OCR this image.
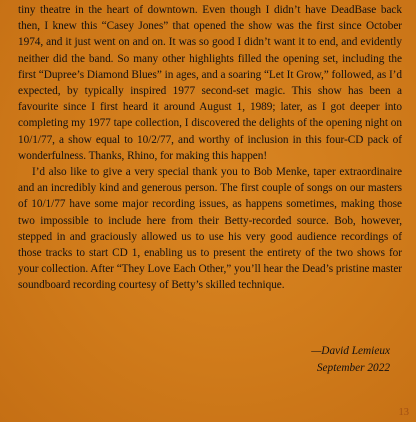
tiny theatre in the heart of downtown. Even though I didn’t have DeadBase back then, I knew this “Casey Jones” that opened the show was the first since October 1974, and it just went on and on. It was so good I didn’t want it to end, and evidently neither did the band. So many other highlights filled the opening set, including the first “Dupree’s Diamond Blues” in ages, and a soaring “Let It Grow,” followed, as I’d expected, by typically inspired 1977 second-set magic. This show has been a favourite since I first heard it around August 1, 1989; later, as I got deeper into completing my 1977 tape collection, I discovered the delights of the opening night on 10/1/77, a show equal to 10/2/77, and worthy of inclusion in this four-CD pack of wonderfulness. Thanks, Rhino, for making this happen!

I’d also like to give a very special thank you to Bob Menke, taper extraordinaire and an incredibly kind and generous person. The first couple of songs on our masters of 10/1/77 have some major recording issues, as happens sometimes, making those two impossible to include here from their Betty-recorded source. Bob, however, stepped in and graciously allowed us to use his very good audience recordings of those tracks to start CD 1, enabling us to present the entirety of the two shows for your collection. After “They Love Each Other,” you’ll hear the Dead’s pristine master soundboard recording courtesy of Betty’s skilled technique.

—David Lemieux
September 2022
13
